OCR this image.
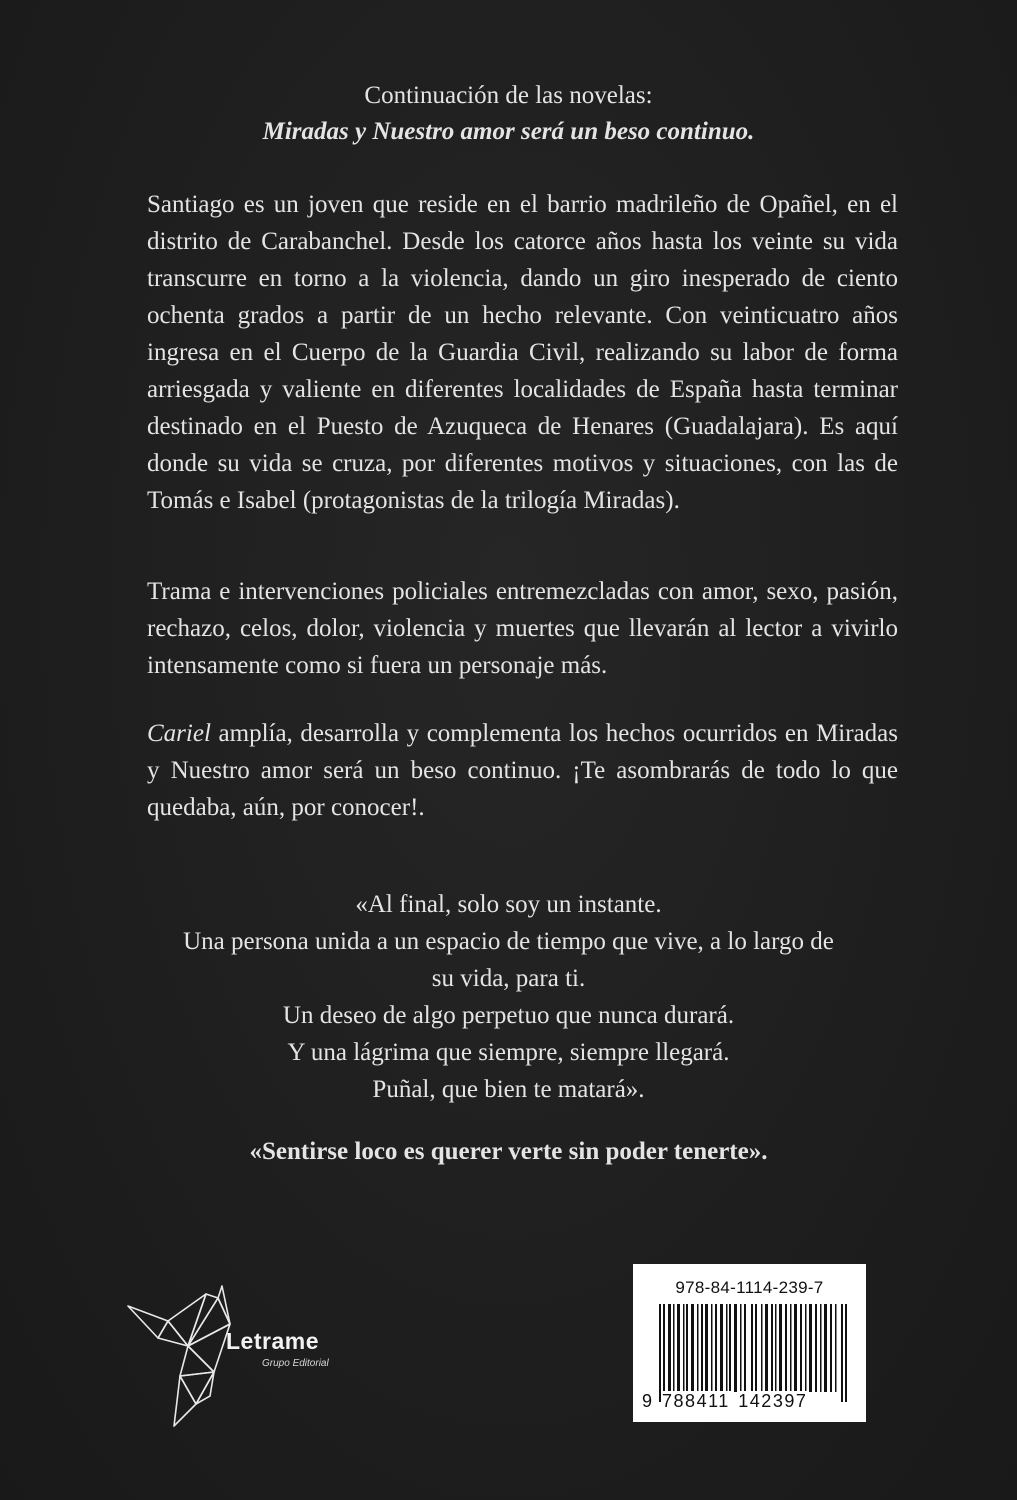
Continuación de las novelas:
Miradas y Nuestro amor será un beso continuo.

Santiago es un joven que reside en el barrio madrileño de Opañel, en el distrito de Carabanchel. Desde los catorce años hasta los veinte su vida transcurre en torno a la violencia, dando un giro inesperado de ciento ochenta grados a partir de un hecho relevante. Con veinticuatro años ingresa en el Cuerpo de la Guardia Civil, realizando su labor de forma arriesgada y valiente en diferentes localidades de España hasta terminar destinado en el Puesto de Azuqueca de Henares (Guadalajara). Es aquí donde su vida se cruza, por diferentes motivos y situaciones, con las de Tomás e Isabel (protagonistas de la trilogía Miradas).

Trama e intervenciones policiales entremezcladas con amor, sexo, pasión, rechazo, celos, dolor, violencia y muertes que llevarán al lector a vivirlo intensamente como si fuera un personaje más.

Cariel amplía, desarrolla y complementa los hechos ocurridos en Miradas y Nuestro amor será un beso continuo. ¡Te asombrarás de todo lo que quedaba, aún, por conocer!.

«Al final, solo soy un instante.
Una persona unida a un espacio de tiempo que vive, a lo largo de
su vida, para ti.
Un deseo de algo perpetuo que nunca durará.
Y una lágrima que siempre, siempre llegará.
Puñal, que bien te matará».
«Sentirse loco es querer verte sin poder tenerte».
Letrame
Grupo Editorial
978-84-1114-239-7
9 788411 142397
